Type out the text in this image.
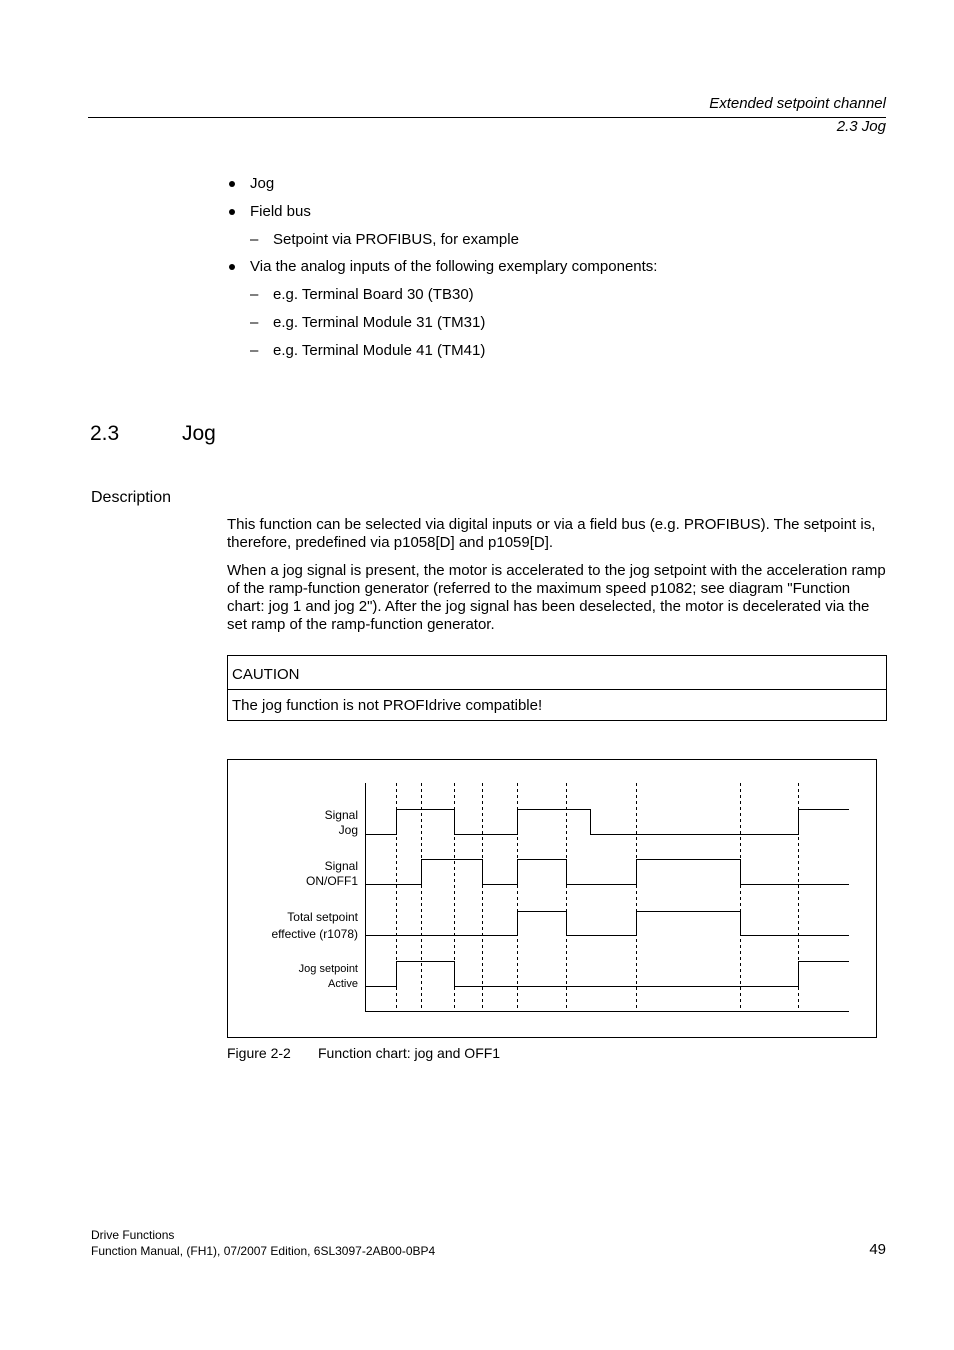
Extended setpoint channel
2.3 Jog
Jog
Field bus
– Setpoint via PROFIBUS, for example
Via the analog inputs of the following exemplary components:
– e.g. Terminal Board 30 (TB30)
– e.g. Terminal Module 31 (TM31)
– e.g. Terminal Module 41 (TM41)
2.3	Jog
Description

This function can be selected via digital inputs or via a field bus (e.g. PROFIBUS). The setpoint is, therefore, predefined via p1058[D] and p1059[D].

When a jog signal is present, the motor is accelerated to the jog setpoint with the acceleration ramp of the ramp-function generator (referred to the maximum speed p1082; see diagram "Function chart: jog 1 and jog 2"). After the jog signal has been deselected, the motor is decelerated via the set ramp of the ramp-function generator.

CAUTION
The jog function is not PROFIdrive compatible!
Signal
Jog
Signal
ON/OFF1
Total setpoint
effective (r1078)
Jog setpoint
Active
Figure 2-2 Function chart: jog and OFF1
Drive Functions
Function Manual, (FH1), 07/2007 Edition, 6SL3097-2AB00-0BP4	49
